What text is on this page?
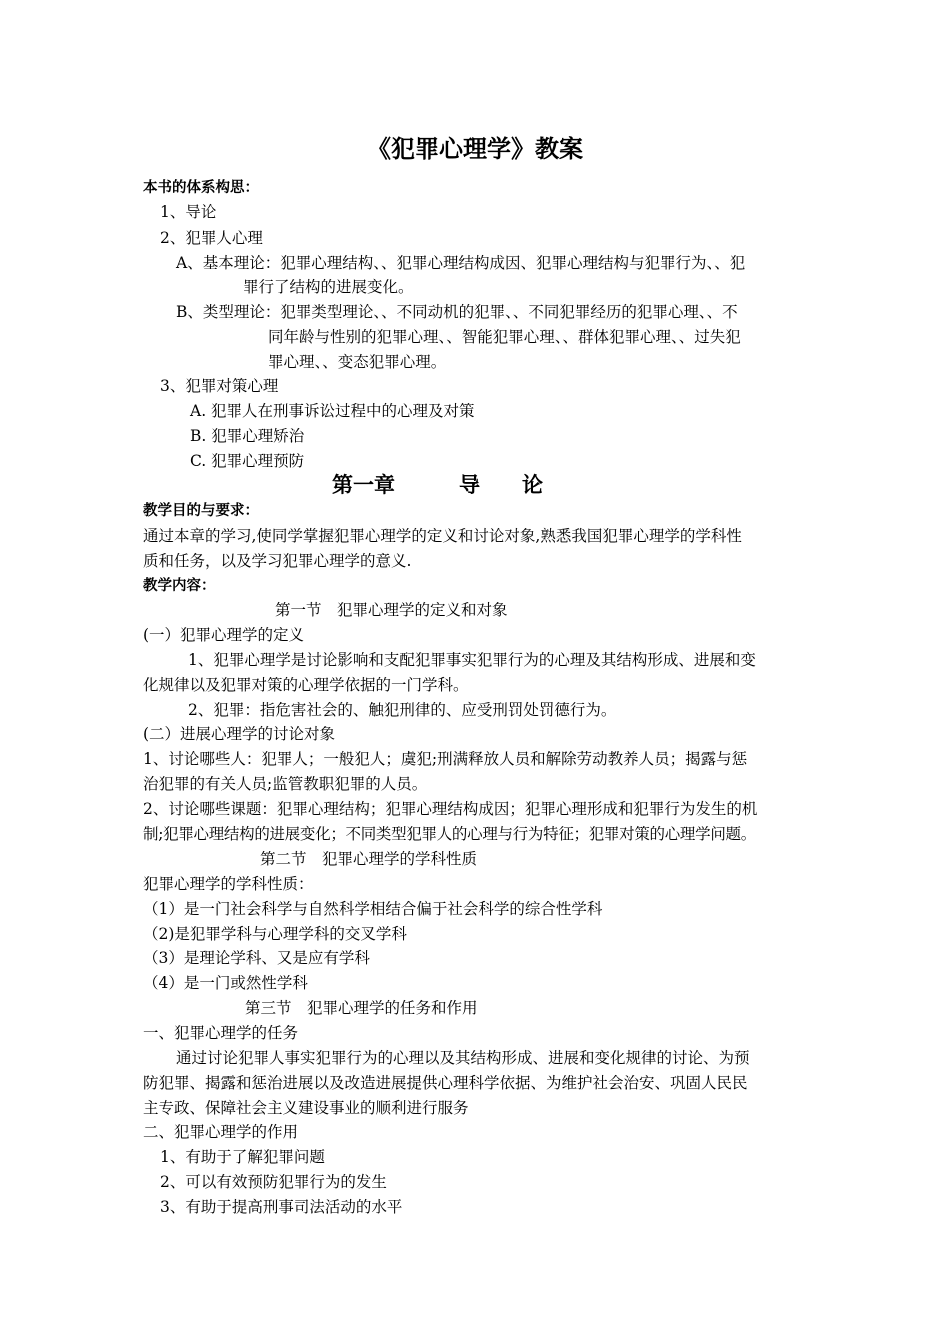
《犯罪心理学》教案
本书的体系构思：
1、导论
2、犯罪人心理
A、基本理论：犯罪心理结构、、犯罪心理结构成因、犯罪心理结构与犯罪行为、、犯
罪行了结构的进展变化。
B、类型理论：犯罪类型理论、、不同动机的犯罪、、不同犯罪经历的犯罪心理、、不
同年龄与性别的犯罪心理、、智能犯罪心理、、群体犯罪心理、、过失犯
罪心理、、变态犯罪心理。
3、犯罪对策心理
A. 犯罪人在刑事诉讼过程中的心理及对策
B. 犯罪心理矫治
C. 犯罪心理预防
第一章	导 论
教学目的与要求：
通过本章的学习,使同学掌握犯罪心理学的定义和讨论对象,熟悉我国犯罪心理学的学科性
质和任务，以及学习犯罪心理学的意义.
教学内容：
第一节　犯罪心理学的定义和对象
(一）犯罪心理学的定义
1、犯罪心理学是讨论影响和支配犯罪事实犯罪行为的心理及其结构形成、进展和变
化规律以及犯罪对策的心理学依据的一门学科。
2、犯罪：指危害社会的、触犯刑律的、应受刑罚处罚德行为。
(二）进展心理学的讨论对象
1、讨论哪些人：犯罪人；一般犯人；虞犯;刑满释放人员和解除劳动教养人员；揭露与惩
治犯罪的有关人员;监管教职犯罪的人员。
2、讨论哪些课题：犯罪心理结构；犯罪心理结构成因；犯罪心理形成和犯罪行为发生的机
制;犯罪心理结构的进展变化；不同类型犯罪人的心理与行为特征；犯罪对策的心理学问题。
第二节　犯罪心理学的学科性质
犯罪心理学的学科性质：
（1）是一门社会科学与自然科学相结合偏于社会科学的综合性学科
（2)是犯罪学科与心理学科的交叉学科
（3）是理论学科、又是应有学科
（4）是一门或然性学科
第三节　犯罪心理学的任务和作用
一、犯罪心理学的任务
通过讨论犯罪人事实犯罪行为的心理以及其结构形成、进展和变化规律的讨论、为预
防犯罪、揭露和惩治进展以及改造进展提供心理科学依据、为维护社会治安、巩固人民民
主专政、保障社会主义建设事业的顺利进行服务
二、犯罪心理学的作用
1、有助于了解犯罪问题
2、可以有效预防犯罪行为的发生
3、有助于提高刑事司法活动的水平
